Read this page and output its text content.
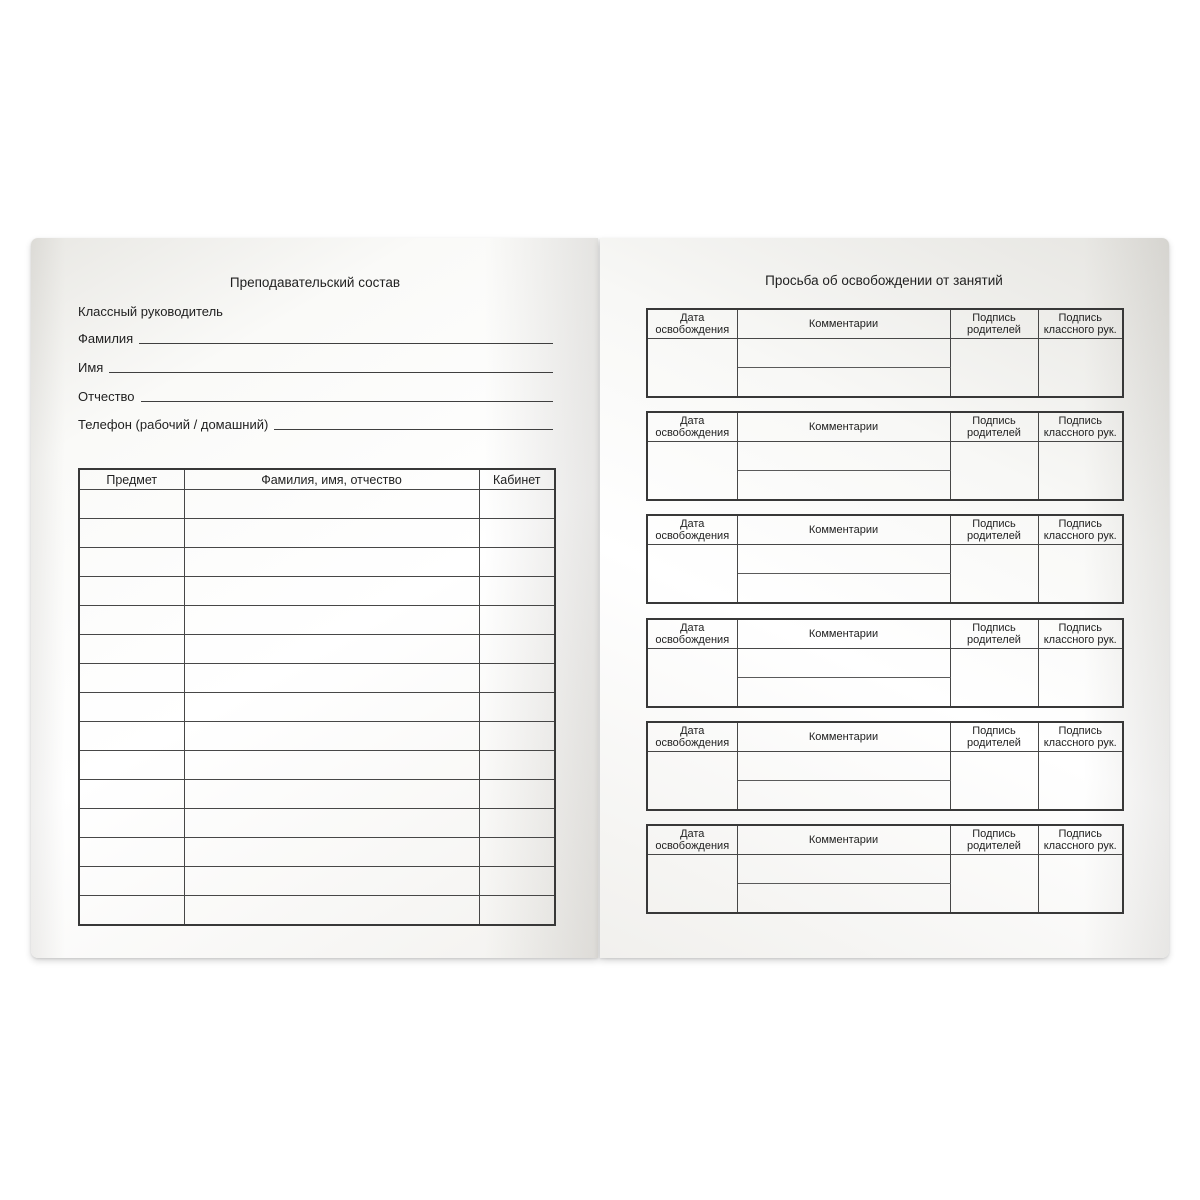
Преподавательский состав
Классный руководитель
Фамилия
Имя
Отчество
Телефон (рабочий / домашний)
Предмет	Фамилия, имя, отчество	Кабинет

Просьба об освобождении от занятий
Дата освобождения	Комментарии	Подпись родителей	Подпись классного рук.

Дата освобождения	Комментарии	Подпись родителей	Подпись классного рук.

Дата освобождения	Комментарии	Подпись родителей	Подпись классного рук.

Дата освобождения	Комментарии	Подпись родителей	Подпись классного рук.

Дата освобождения	Комментарии	Подпись родителей	Подпись классного рук.

Дата освобождения	Комментарии	Подпись родителей	Подпись классного рук.
